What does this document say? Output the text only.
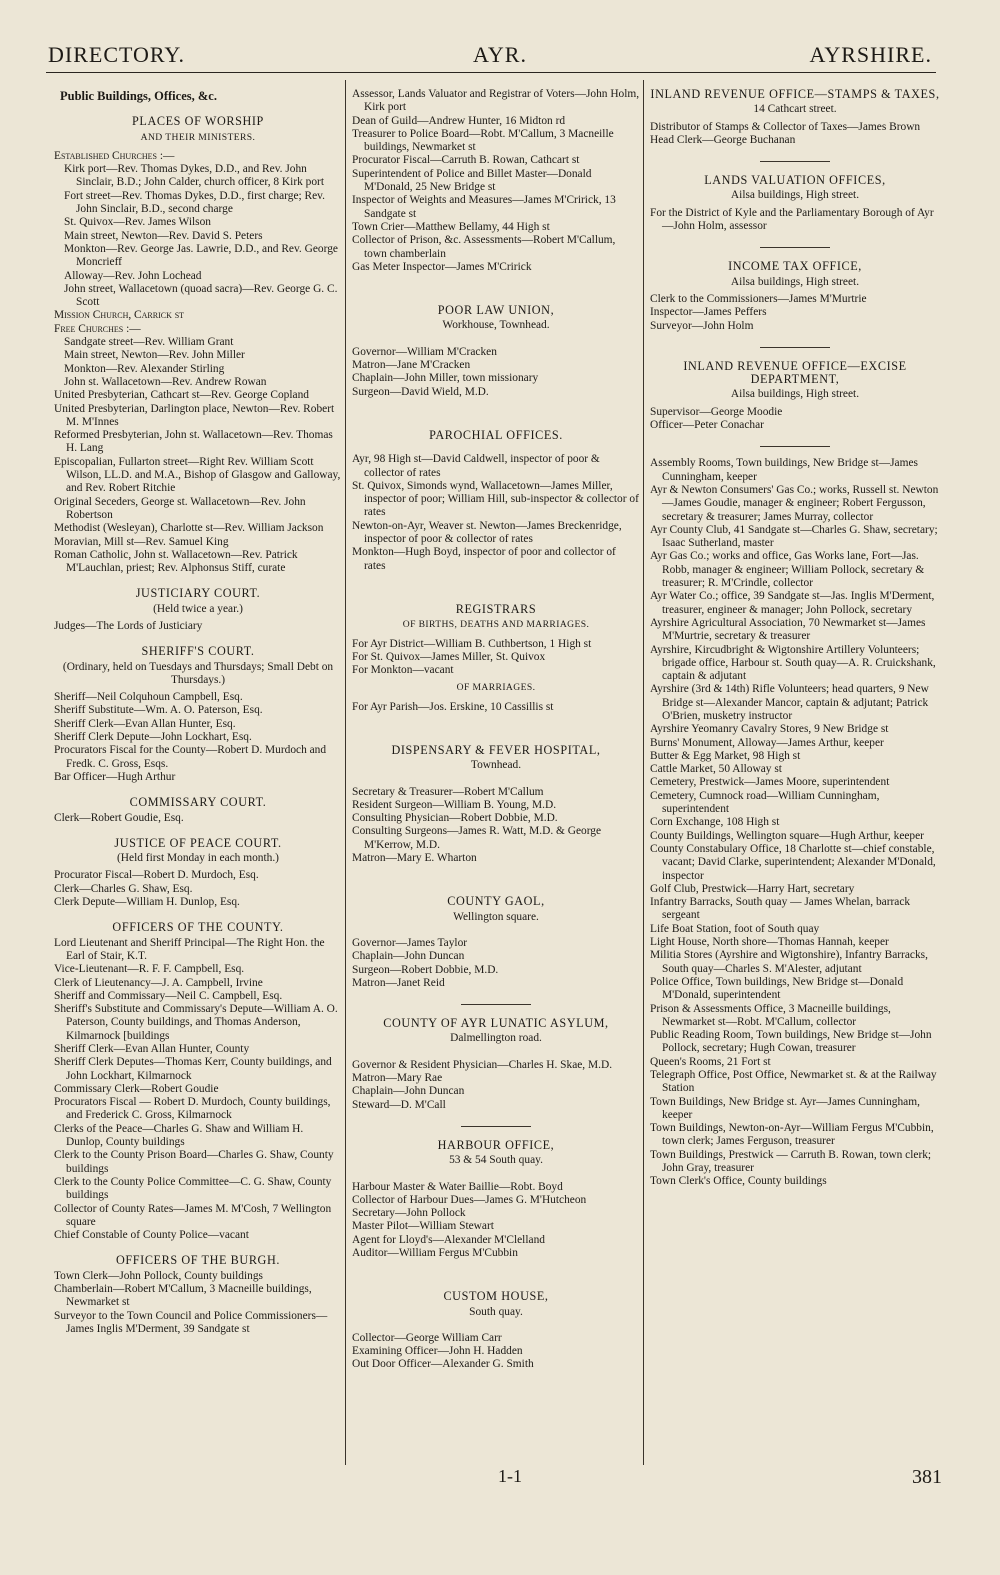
DIRECTORY.	AYR.	AYRSHIRE.
Public Buildings, Offices, &c.
PLACES OF WORSHIP
AND THEIR MINISTERS.

Established Churches :—

Kirk port—Rev. Thomas Dykes, D.D., and Rev. John Sinclair, B.D.; John Calder, church officer, 8 Kirk port

Fort street—Rev. Thomas Dykes, D.D., first charge; Rev. John Sinclair, B.D., second charge

St. Quivox—Rev. James Wilson

Main street, Newton—Rev. David S. Peters

Monkton—Rev. George Jas. Lawrie, D.D., and Rev. George Moncrieff

Alloway—Rev. John Lochead

John street, Wallacetown (quoad sacra)—Rev. George G. C. Scott

Mission Church, Carrick st

Free Churches :—

Sandgate street—Rev. William Grant

Main street, Newton—Rev. John Miller

Monkton—Rev. Alexander Stirling

John st. Wallacetown—Rev. Andrew Rowan

United Presbyterian, Cathcart st—Rev. George Copland

United Presbyterian, Darlington place, Newton—Rev. Robert M. M'Innes

Reformed Presbyterian, John st. Wallacetown—Rev. Thomas H. Lang

Episcopalian, Fullarton street—Right Rev. William Scott Wilson, LL.D. and M.A., Bishop of Glasgow and Galloway, and Rev. Robert Ritchie

Original Seceders, George st. Wallacetown—Rev. John Robertson

Methodist (Wesleyan), Charlotte st—Rev. William Jackson

Moravian, Mill st—Rev. Samuel King

Roman Catholic, John st. Wallacetown—Rev. Patrick M'Lauchlan, priest; Rev. Alphonsus Stiff, curate

JUSTICIARY COURT.
(Held twice a year.)

Judges—The Lords of Justiciary

SHERIFF'S COURT.
(Ordinary, held on Tuesdays and Thursdays; Small Debt on Thursdays.)

Sheriff—Neil Colquhoun Campbell, Esq.

Sheriff Substitute—Wm. A. O. Paterson, Esq.

Sheriff Clerk—Evan Allan Hunter, Esq.

Sheriff Clerk Depute—John Lockhart, Esq.

Procurators Fiscal for the County—Robert D. Murdoch and Fredk. C. Gross, Esqs.

Bar Officer—Hugh Arthur

COMMISSARY COURT.

Clerk—Robert Goudie, Esq.

JUSTICE OF PEACE COURT.
(Held first Monday in each month.)

Procurator Fiscal—Robert D. Murdoch, Esq.

Clerk—Charles G. Shaw, Esq.

Clerk Depute—William H. Dunlop, Esq.

OFFICERS OF THE COUNTY.

Lord Lieutenant and Sheriff Principal—The Right Hon. the Earl of Stair, K.T.

Vice-Lieutenant—R. F. F. Campbell, Esq.

Clerk of Lieutenancy—J. A. Campbell, Irvine

Sheriff and Commissary—Neil C. Campbell, Esq.

Sheriff's Substitute and Commissary's Depute—William A. O. Paterson, County buildings, and Thomas Anderson, Kilmarnock [buildings

Sheriff Clerk—Evan Allan Hunter, County

Sheriff Clerk Deputes—Thomas Kerr, County buildings, and John Lockhart, Kilmarnock

Commissary Clerk—Robert Goudie

Procurators Fiscal — Robert D. Murdoch, County buildings, and Frederick C. Gross, Kilmarnock

Clerks of the Peace—Charles G. Shaw and William H. Dunlop, County buildings

Clerk to the County Prison Board—Charles G. Shaw, County buildings

Clerk to the County Police Committee—C. G. Shaw, County buildings

Collector of County Rates—James M. M'Cosh, 7 Wellington square

Chief Constable of County Police—vacant

OFFICERS OF THE BURGH.

Town Clerk—John Pollock, County buildings

Chamberlain—Robert M'Callum, 3 Macneille buildings, Newmarket st

Surveyor to the Town Council and Police Commissioners—James Inglis M'Derment, 39 Sandgate st

Assessor, Lands Valuator and Registrar of Voters—John Holm, Kirk port

Dean of Guild—Andrew Hunter, 16 Midton rd

Treasurer to Police Board—Robt. M'Callum, 3 Macneille buildings, Newmarket st

Procurator Fiscal—Carruth B. Rowan, Cathcart st

Superintendent of Police and Billet Master—Donald M'Donald, 25 New Bridge st

Inspector of Weights and Measures—James M'Cririck, 13 Sandgate st

Town Crier—Matthew Bellamy, 44 High st

Collector of Prison, &c. Assessments—Robert M'Callum, town chamberlain

Gas Meter Inspector—James M'Cririck

POOR LAW UNION,
Workhouse, Townhead.

Governor—William M'Cracken

Matron—Jane M'Cracken

Chaplain—John Miller, town missionary

Surgeon—David Wield, M.D.

PAROCHIAL OFFICES.

Ayr, 98 High st—David Caldwell, inspector of poor & collector of rates

St. Quivox, Simonds wynd, Wallacetown—James Miller, inspector of poor; William Hill, sub-inspector & collector of rates

Newton-on-Ayr, Weaver st. Newton—James Breckenridge, inspector of poor & collector of rates

Monkton—Hugh Boyd, inspector of poor and collector of rates

REGISTRARS
OF BIRTHS, DEATHS AND MARRIAGES.

For Ayr District—William B. Cuthbertson, 1 High st

For St. Quivox—James Miller, St. Quivox

For Monkton—vacant

OF MARRIAGES.

For Ayr Parish—Jos. Erskine, 10 Cassillis st

DISPENSARY & FEVER HOSPITAL,
Townhead.

Secretary & Treasurer—Robert M'Callum

Resident Surgeon—William B. Young, M.D.

Consulting Physician—Robert Dobbie, M.D.

Consulting Surgeons—James R. Watt, M.D. & George M'Kerrow, M.D.

Matron—Mary E. Wharton

COUNTY GAOL,
Wellington square.

Governor—James Taylor

Chaplain—John Duncan

Surgeon—Robert Dobbie, M.D.

Matron—Janet Reid

COUNTY OF AYR LUNATIC ASYLUM,
Dalmellington road.

Governor & Resident Physician—Charles H. Skae, M.D.

Matron—Mary Rae

Chaplain—John Duncan

Steward—D. M'Call

HARBOUR OFFICE,
53 & 54 South quay.

Harbour Master & Water Baillie—Robt. Boyd

Collector of Harbour Dues—James G. M'Hutcheon

Secretary—John Pollock

Master Pilot—William Stewart

Agent for Lloyd's—Alexander M'Clelland

Auditor—William Fergus M'Cubbin

CUSTOM HOUSE,
South quay.

Collector—George William Carr

Examining Officer—John H. Hadden

Out Door Officer—Alexander G. Smith

INLAND REVENUE OFFICE—STAMPS & TAXES,
14 Cathcart street.

Distributor of Stamps & Collector of Taxes—James Brown

Head Clerk—George Buchanan

LANDS VALUATION OFFICES,
Ailsa buildings, High street.

For the District of Kyle and the Parliamentary Borough of Ayr—John Holm, assessor

INCOME TAX OFFICE,
Ailsa buildings, High street.

Clerk to the Commissioners—James M'Murtrie

Inspector—James Peffers

Surveyor—John Holm

INLAND REVENUE OFFICE—EXCISE DEPARTMENT,
Ailsa buildings, High street.

Supervisor—George Moodie

Officer—Peter Conachar

Assembly Rooms, Town buildings, New Bridge st—James Cunningham, keeper

Ayr & Newton Consumers' Gas Co.; works, Russell st. Newton—James Goudie, manager & engineer; Robert Fergusson, secretary & treasurer; James Murray, collector

Ayr County Club, 41 Sandgate st—Charles G. Shaw, secretary; Isaac Sutherland, master

Ayr Gas Co.; works and office, Gas Works lane, Fort—Jas. Robb, manager & engineer; William Pollock, secretary & treasurer; R. M'Crindle, collector

Ayr Water Co.; office, 39 Sandgate st—Jas. Inglis M'Derment, treasurer, engineer & manager; John Pollock, secretary

Ayrshire Agricultural Association, 70 Newmarket st—James M'Murtrie, secretary & treasurer

Ayrshire, Kircudbright & Wigtonshire Artillery Volunteers; brigade office, Harbour st. South quay—A. R. Cruickshank, captain & adjutant

Ayrshire (3rd & 14th) Rifle Volunteers; head quarters, 9 New Bridge st—Alexander Mancor, captain & adjutant; Patrick O'Brien, musketry instructor

Ayrshire Yeomanry Cavalry Stores, 9 New Bridge st

Burns' Monument, Alloway—James Arthur, keeper

Butter & Egg Market, 98 High st

Cattle Market, 50 Alloway st

Cemetery, Prestwick—James Moore, superintendent

Cemetery, Cumnock road—William Cunningham, superintendent

Corn Exchange, 108 High st

County Buildings, Wellington square—Hugh Arthur, keeper

County Constabulary Office, 18 Charlotte st—chief constable, vacant; David Clarke, superintendent; Alexander M'Donald, inspector

Golf Club, Prestwick—Harry Hart, secretary

Infantry Barracks, South quay — James Whelan, barrack sergeant

Life Boat Station, foot of South quay

Light House, North shore—Thomas Hannah, keeper

Militia Stores (Ayrshire and Wigtonshire), Infantry Barracks, South quay—Charles S. M'Alester, adjutant

Police Office, Town buildings, New Bridge st—Donald M'Donald, superintendent

Prison & Assessments Office, 3 Macneille buildings, Newmarket st—Robt. M'Callum, collector

Public Reading Room, Town buildings, New Bridge st—John Pollock, secretary; Hugh Cowan, treasurer

Queen's Rooms, 21 Fort st

Telegraph Office, Post Office, Newmarket st. & at the Railway Station

Town Buildings, New Bridge st. Ayr—James Cunningham, keeper

Town Buildings, Newton-on-Ayr—William Fergus M'Cubbin, town clerk; James Ferguson, treasurer

Town Buildings, Prestwick — Carruth B. Rowan, town clerk; John Gray, treasurer

Town Clerk's Office, County buildings

1-1	381
